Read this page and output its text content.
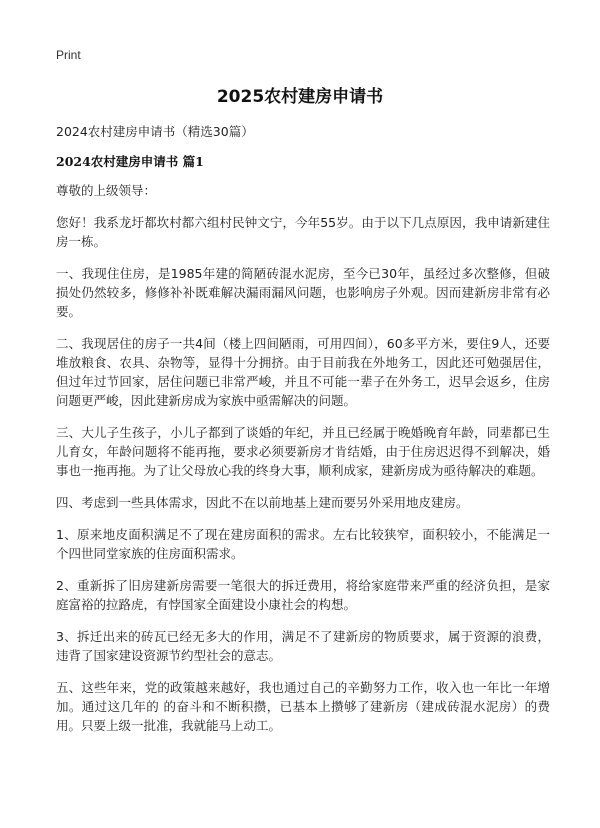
Print
2025农村建房申请书
2024农村建房申请书（精选30篇）
2024农村建房申请书 篇1

尊敬的上级领导：

您好！我系龙圩都坎村都六组村民钟文宁，今年55岁。由于以下几点原因，我申请新建住房一栋。

一、我现住住房，是1985年建的简陋砖混水泥房，至今已30年，虽经过多次整修，但破损处仍然较多，修修补补既难解决漏雨漏风问题，也影响房子外观。因而建新房非常有必要。

二、我现居住的房子一共4间（楼上四间陋雨，可用四间），60多平方米，要住9人，还要堆放粮食、农具、杂物等，显得十分拥挤。由于目前我在外地务工，因此还可勉强居住，但过年过节回家，居住问题已非常严峻，并且不可能一辈子在外务工，迟早会返乡，住房问题更严峻，因此建新房成为家族中亟需解决的问题。

三、大儿子生孩子，小儿子都到了谈婚的年纪，并且已经属于晚婚晚育年龄，同辈都已生儿育女，年龄问题将不能再拖，要求必须要新房才肯结婚，由于住房迟迟得不到解决，婚事也一拖再拖。为了让父母放心我的终身大事，顺利成家，建新房成为亟待解决的难题。

四、考虑到一些具体需求，因此不在以前地基上建而要另外采用地皮建房。

1、原来地皮面积满足不了现在建房面积的需求。左右比较狭窄，面积较小，不能满足一个四世同堂家族的住房面积需求。

2、重新拆了旧房建新房需要一笔很大的拆迁费用，将给家庭带来严重的经济负担，是家庭富裕的拉路虎，有悖国家全面建设小康社会的构想。

3、拆迁出来的砖瓦已经无多大的作用，满足不了建新房的物质要求，属于资源的浪费，违背了国家建设资源节约型社会的意志。

五、这些年来，党的政策越来越好，我也通过自己的辛勤努力工作，收入也一年比一年增加。通过这几年的 的奋斗和不断积攒，已基本上攒够了建新房（建成砖混水泥房）的费用。只要上级一批准，我就能马上动工。
